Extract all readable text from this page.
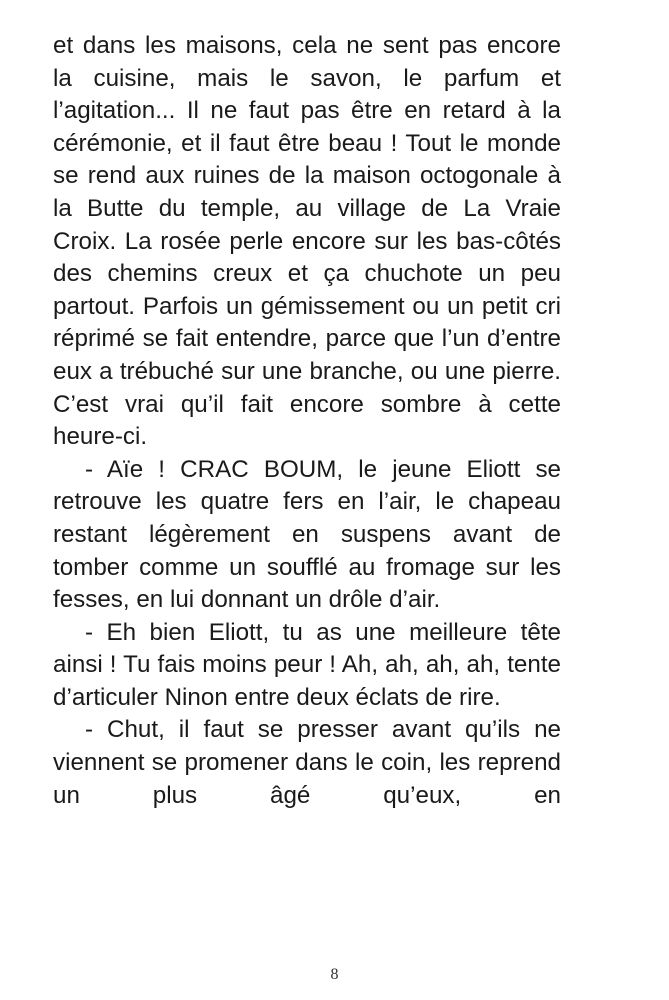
et dans les maisons, cela ne sent pas encore la cuisine, mais le savon, le parfum et l’agitation... Il ne faut pas être en retard à la cérémonie, et il faut être beau ! Tout le monde se rend aux ruines de la maison octogonale à la Butte du temple, au village de La Vraie Croix. La rosée perle encore sur les bas-côtés des chemins creux et ça chuchote un peu partout. Parfois un gémissement ou un petit cri réprimé se fait entendre, parce que l’un d’entre eux a trébuché sur une branche, ou une pierre. C’est vrai qu’il fait encore sombre à cette heure-ci.

- Aïe ! CRAC BOUM, le jeune Eliott se retrouve les quatre fers en l’air, le chapeau restant légèrement en suspens avant de tomber comme un soufflé au fromage sur les fesses, en lui donnant un drôle d’air.

- Eh bien Eliott, tu as une meilleure tête ainsi ! Tu fais moins peur ! Ah, ah, ah, ah, tente d’articuler Ninon entre deux éclats de rire.

- Chut, il faut se presser avant qu’ils ne viennent se promener dans le coin, les reprend un plus âgé qu’eux, en

8
